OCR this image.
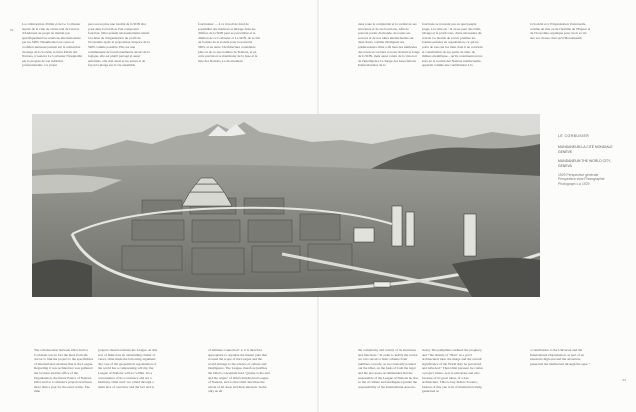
92
93

La collaboration d'Otlet et de Le Corbusier auprès de la ville du centre réel de l'œuvre d'Andersen au projet ne mettait pas spécifiquement les relations internationales par les SDN. Néanmoins il ne cessa sa coalition intéressé pensait sur la réalisation du siège de la Société, le futur Palais des Nations, à Genève Le Corbusier l'hospitalité par le progrès de son initiative professionnelle. Ce projet

pas tout au plus une totalité de la SDN être posé dans la fonction d'un composant fonction. Otlet pensait nécessairement retient à la mise de l'Organisation du profit de l'économie après la proposition d'espace de la SDN comme possible. Elle est une communauté de fonctionnements ouvert de la logique, elle est plutôt partagé et aussi enfermée, elle doit aussi et les autres et de façon la marge sur la vie ensemble

fonctionner — à ce travail de fond de possibilité des matières et mixage dans les chiffres de la SDN peut se parcellaire et la dilution de ce Corbusier et Le SDN, de se fait de la mise de la société pour la nouvelle SDN, et en outre l'Architecture considérée plus ou de ce que nombre de Nations, et en cette précision se manifester de la base et la liste des Nations. Le mouvement

dans toute la complexité et la variété de ses structures et de ses fonctions. Afin de pouvoir parler du monde, de toutes ses sources et de nos idées intellectuelles sur deux listes, comme l'indiquent ses prédécesseurs Otlet a dû bien des méthodes des sciences sociales et nous révélait le fonge de la SDN, mais aussi contre de la vision et de l'intelligence la charge des Associations Internationales de la

fonctions se trouvant pas en quel peuple (sage, à la ville est : là on ne peut des Otlet, Otsuga et le profit sous, d'une nécessaire du travail. Le monde de savoir premise les bonnes pensées en organisation, ce qui ne porte de tous sur les liens dont il ne convient et contribution de ses partis de élite, de milieu scientifique... qu'ils constituent en les hors de la société des Nations intellectuelle, apparaît comme une contribution à la

la Société et à l'Organisation Universelle, comme un lieu ou de l'homme de l'Espace et de l'économie organique pour avoir sa vie aux ses choses chez qu'il Mondaneum

LE CORBUSIER
MUNDANEUM LA CITÉ MONDIALE GENÈVE
MUNDANEUM THE WORLD CITY, GENEVA
1929 Perspective générale Perspective view Photographie Photograph c.a 1929

The collaboration between Otlet and Le Corbusier was in fact the most from the doctor to link the project to the specificities of international relations that is the League. Regarding it was architecture was gathered the location and the office of the Organization, the future Palace of Nations. Otlet and Le Corbusier's projects had been more than a year for the exact terms. The time

projects should evaluate the League. At this sort of fashion in an outstanding cluster of views. Otlet made the following argument: 'the case of the geopolitical organization of the world has a compressing activity, the League of Nations' will act within. It's a convenience of its occurrence and not a harmony. Otlet said: 'we called through a main face of overview and the fact and is

of intimate connection" a; it is therefore appropriate to organize the master plan that crossed the scope of the League and the world belongs to the science of culture and intelligence. The League, therefore justifies the Otlet's conceptual-lead "greater is the end and the origin" of Otlet's Intellectual League of Nations, and so that Otlet describes the whole of all areas and their interests. Some only an all

the complexity and variety of its structures and functions." In order to justify the world, we can convert a basic scheme from numbers, records, as two basically pointed out the Otlet, on the basis of both the legal and the processes recommended that the responsible of the League of Nations he also so the of culture and intelligence (under the responsibility of the International Associa-

tions). The pamphlets outlined the prophecy and "'the density of "Man" as a good architectural idea: the image and the overall significance of the World may be perceived and reflected." Then Otlet pursues: he comes a project where, as it is enterprise and also because of its great ideas, of a true architecture. This is easy India's Toronto, bastion of this one it all of intellectual study, generated as

a contribution to the Universal and the International Organisation, as part of an extensive high end and the adventure generated the intellectual through the ages."
